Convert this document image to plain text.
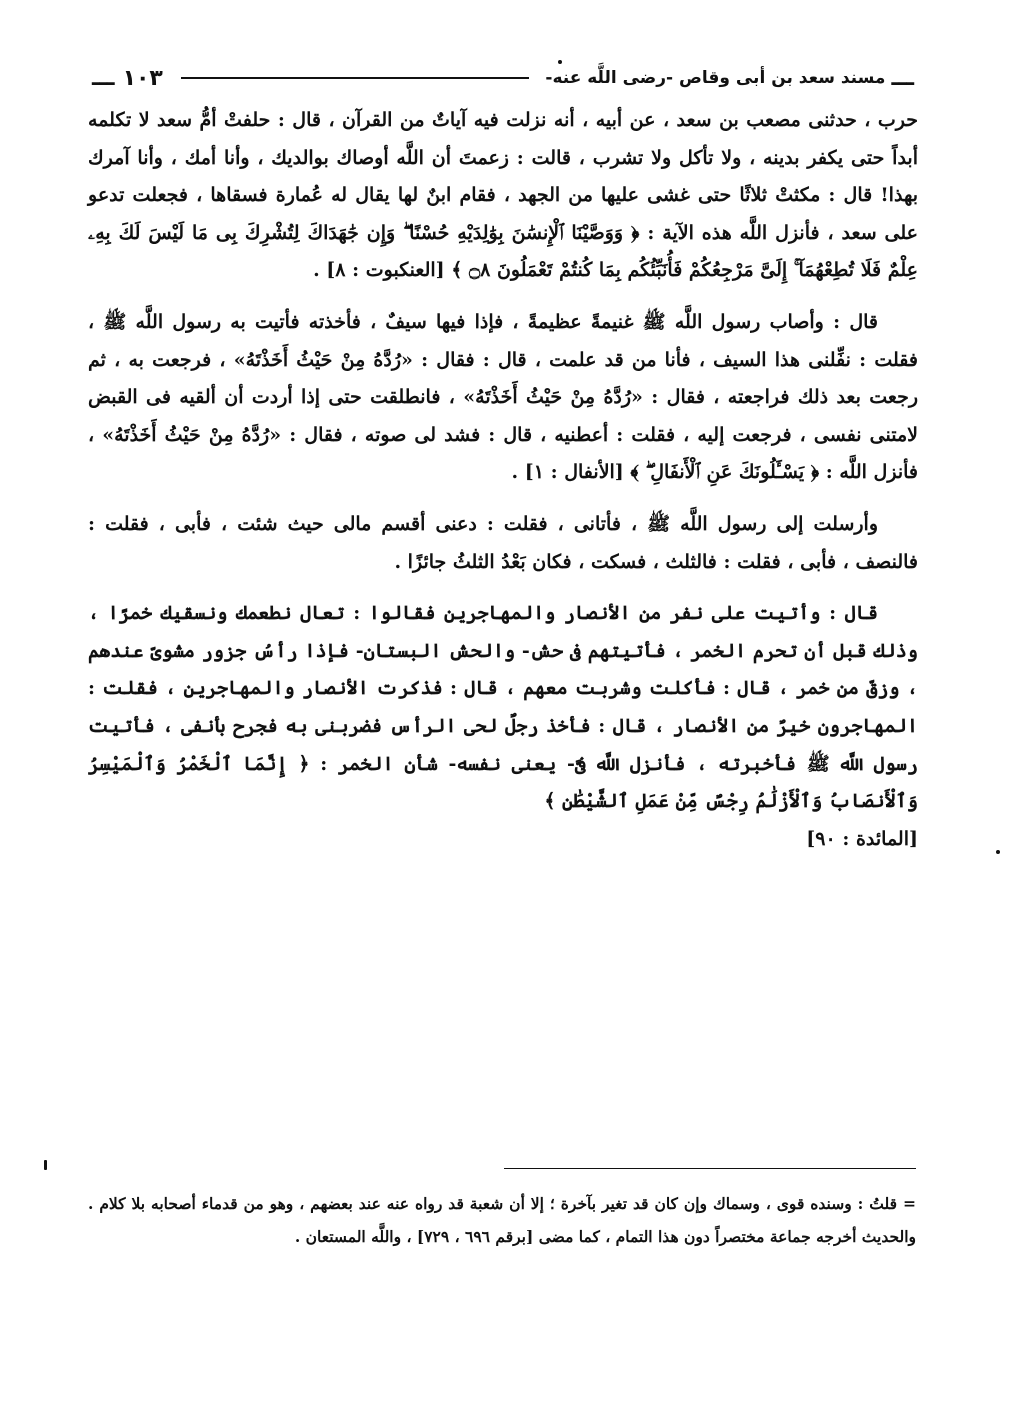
ـــ
مسند سعد بن أبى وقاص -رضى اللَّه عنه-
١٠٣
ـــ

حرب ، حدثنى مصعب بن سعد ، عن أبيه ، أنه نزلت فيه آياتٌ من القرآن ، قال : حلفتْ أمُّ سعد لا تكلمه أبداً حتى يكفر بدينه ، ولا تأكل ولا تشرب ، قالت : زعمتَ أن اللَّه أوصاك بوالديك ، وأنا أمك ، وأنا آمرك بهذا! قال : مكثتْ ثلاثًا حتى غشى عليها من الجهد ، فقام ابنٌ لها يقال له عُمارة فسقاها ، فجعلت تدعو على سعد ، فأنزل اللَّه هذه الآية : ﴿ وَوَصَّيْنَا ٱلْإِنسَٰنَ بِوَٰلِدَيْهِ حُسْنًا ۖ وَإِن جَٰهَدَاكَ لِتُشْرِكَ بِى مَا لَيْسَ لَكَ بِهِۦ عِلْمٌ فَلَا تُطِعْهُمَآ ۚ إِلَىَّ مَرْجِعُكُمْ فَأُنَبِّئُكُم بِمَا كُنتُمْ تَعْمَلُونَ ۝٨ ﴾ [العنكبوت : ٨] .

قال : وأصاب رسول اللَّه ﷺ غنيمةً عظيمةً ، فإذا فيها سيفٌ ، فأخذته فأتيت به رسول اللَّه ﷺ ، فقلت : نفِّلنى هذا السيف ، فأنا من قد علمت ، قال : فقال : «رُدَّهُ مِنْ حَيْثُ أَخَذْتَهُ» ، فرجعت به ، ثم رجعت بعد ذلك فراجعته ، فقال : «رُدَّهُ مِنْ حَيْثُ أَخَذْتَهُ» ، فانطلقت حتى إذا أردت أن ألقيه فى القبض لامتنى نفسى ، فرجعت إليه ، فقلت : أعطنيه ، قال : فشد لى صوته ، فقال : «رُدَّهُ مِنْ حَيْثُ أَخَذْتَهُ» ، فأنزل اللَّه : ﴿ يَسْـَٔلُونَكَ عَنِ ٱلْأَنفَالِ ۖ ﴾ [الأنفال : ١] .

وأرسلت إلى رسول اللَّه ﷺ ، فأتانى ، فقلت : دعنى أقسم مالى حيث شئت ، فأبى ، فقلت : فالنصف ، فأبى ، فقلت : فالثلث ، فسكت ، فكان بَعْدُ الثلثُ جائزًا .

قال : وأتيت على نفر من الأنصار والمهاجرين فقالوا : تعال نطعمك ونسقيك خمرًا ، وذلك قبل أن تحرم الخمر ، فأتيتهم فى حش- والحش البستان- فإذا رأسُ جزور مشوىّ عندهم ، وزقّ من خمر ، قال : فأكلت وشربت معهم ، قال : فذكرت الأنصار والمهاجرين ، فقلت : المهاجرون خيرٌ من الأنصار ، قال : فأخذ رجلٌ لحى الرأس فضربنى به فجرح بأنفى ، فأتيت رسول اللَّه ﷺ فأخبرته ، فأنزل اللَّه فىَّ- يعنى نفسه- شأن الخمر : ﴿ إِنَّمَا ٱلْخَمْرُ وَٱلْمَيْسِرُ وَٱلْأَنصَابُ وَٱلْأَزْلَٰمُ رِجْسٌ مِّنْ عَمَلِ ٱلشَّيْطَٰنِ ﴾

[المائدة : ٩٠]

= قلتُ : وسنده قوى ، وسماك وإن كان قد تغير بآخرة ؛ إلا أن شعبة قد رواه عنه عند بعضهم ، وهو من قدماء أصحابه بلا كلام . والحديث أخرجه جماعة مختصراً دون هذا التمام ، كما مضى [برقم ٦٩٦ ، ٧٢٩] ، واللَّه المستعان .
